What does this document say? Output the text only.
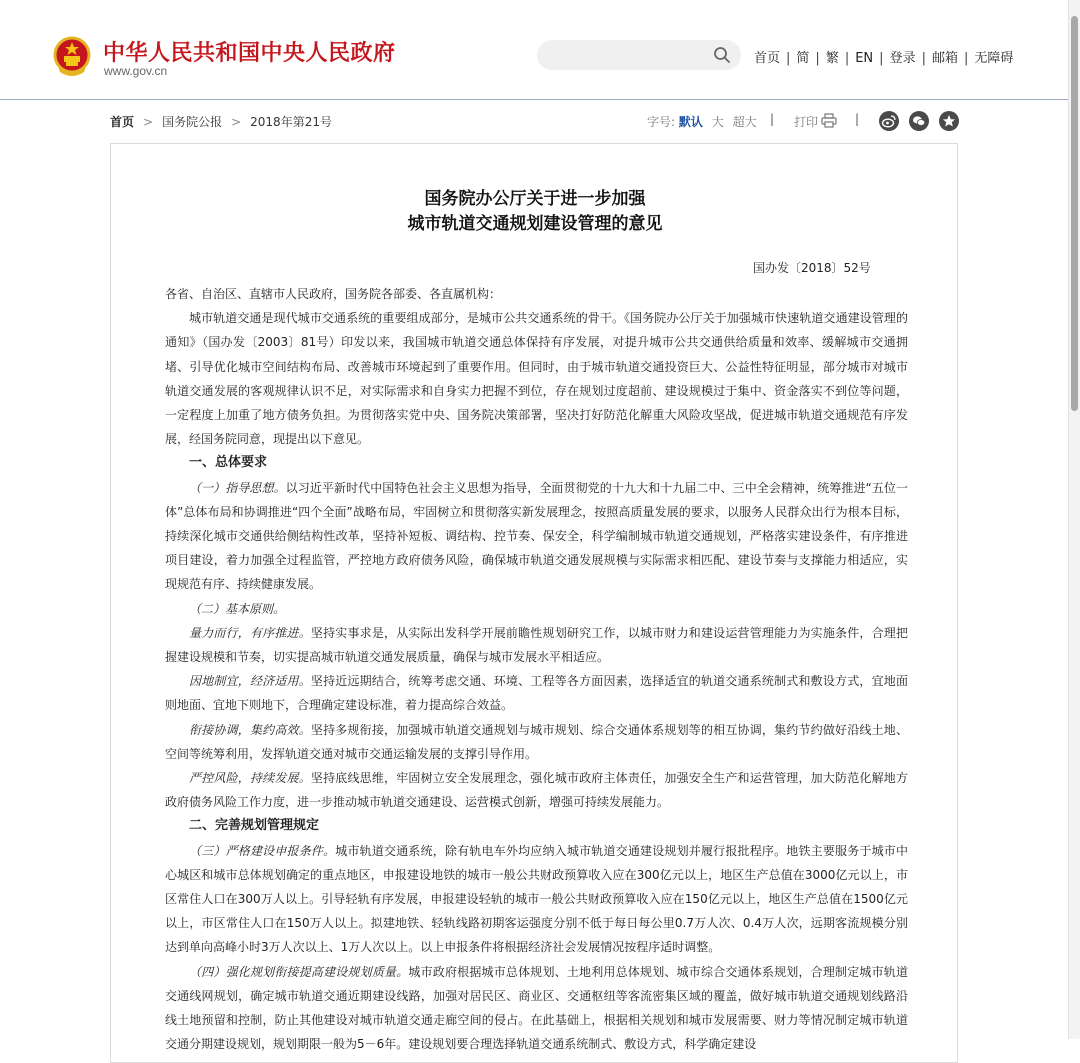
中华人民共和国中央人民政府
www.gov.cn
首页 | 简 | 繁 | EN | 登录 | 邮箱 | 无障碍
首页 > 国务院公报 > 2018年第21号	字号: 默认 大 超大 | 打印	|
国务院办公厅关于进一步加强
城市轨道交通规划建设管理的意见
国办发〔2018〕52号

各省、自治区、直辖市人民政府，国务院各部委、各直属机构：

城市轨道交通是现代城市交通系统的重要组成部分，是城市公共交通系统的骨干。《国务院办公厅关于加强城市快速轨道交通建设管理的通知》（国办发〔2003〕81号）印发以来，我国城市轨道交通总体保持有序发展，对提升城市公共交通供给质量和效率、缓解城市交通拥堵、引导优化城市空间结构布局、改善城市环境起到了重要作用。但同时，由于城市轨道交通投资巨大、公益性特征明显，部分城市对城市轨道交通发展的客观规律认识不足，对实际需求和自身实力把握不到位，存在规划过度超前、建设规模过于集中、资金落实不到位等问题，一定程度上加重了地方债务负担。为贯彻落实党中央、国务院决策部署，坚决打好防范化解重大风险攻坚战，促进城市轨道交通规范有序发展，经国务院同意，现提出以下意见。

一、总体要求

（一）指导思想。以习近平新时代中国特色社会主义思想为指导，全面贯彻党的十九大和十九届二中、三中全会精神，统筹推进“五位一体”总体布局和协调推进“四个全面”战略布局，牢固树立和贯彻落实新发展理念，按照高质量发展的要求，以服务人民群众出行为根本目标，持续深化城市交通供给侧结构性改革，坚持补短板、调结构、控节奏、保安全，科学编制城市轨道交通规划，严格落实建设条件，有序推进项目建设，着力加强全过程监管，严控地方政府债务风险，确保城市轨道交通发展规模与实际需求相匹配、建设节奏与支撑能力相适应，实现规范有序、持续健康发展。

（二）基本原则。

量力而行，有序推进。坚持实事求是，从实际出发科学开展前瞻性规划研究工作，以城市财力和建设运营管理能力为实施条件，合理把握建设规模和节奏，切实提高城市轨道交通发展质量，确保与城市发展水平相适应。

因地制宜，经济适用。坚持近远期结合，统筹考虑交通、环境、工程等各方面因素，选择适宜的轨道交通系统制式和敷设方式，宜地面则地面、宜地下则地下，合理确定建设标准，着力提高综合效益。

衔接协调，集约高效。坚持多规衔接，加强城市轨道交通规划与城市规划、综合交通体系规划等的相互协调，集约节约做好沿线土地、空间等统筹利用，发挥轨道交通对城市交通运输发展的支撑引导作用。

严控风险，持续发展。坚持底线思维，牢固树立安全发展理念，强化城市政府主体责任，加强安全生产和运营管理，加大防范化解地方政府债务风险工作力度，进一步推动城市轨道交通建设、运营模式创新，增强可持续发展能力。

二、完善规划管理规定

（三）严格建设申报条件。城市轨道交通系统，除有轨电车外均应纳入城市轨道交通建设规划并履行报批程序。地铁主要服务于城市中心城区和城市总体规划确定的重点地区，申报建设地铁的城市一般公共财政预算收入应在300亿元以上，地区生产总值在3000亿元以上，市区常住人口在300万人以上。引导轻轨有序发展，申报建设轻轨的城市一般公共财政预算收入应在150亿元以上，地区生产总值在1500亿元以上，市区常住人口在150万人以上。拟建地铁、轻轨线路初期客运强度分别不低于每日每公里0.7万人次、0.4万人次，远期客流规模分别达到单向高峰小时3万人次以上、1万人次以上。以上申报条件将根据经济社会发展情况按程序适时调整。

（四）强化规划衔接提高建设规划质量。城市政府根据城市总体规划、土地利用总体规划、城市综合交通体系规划，合理制定城市轨道交通线网规划，确定城市轨道交通近期建设线路，加强对居民区、商业区、交通枢纽等客流密集区域的覆盖，做好城市轨道交通规划线路沿线土地预留和控制，防止其他建设对城市轨道交通走廊空间的侵占。在此基础上，根据相关规划和城市发展需要、财力等情况制定城市轨道交通分期建设规划，规划期限一般为5－6年。建设规划要合理选择轨道交通系统制式、敷设方式，科学确定建设
